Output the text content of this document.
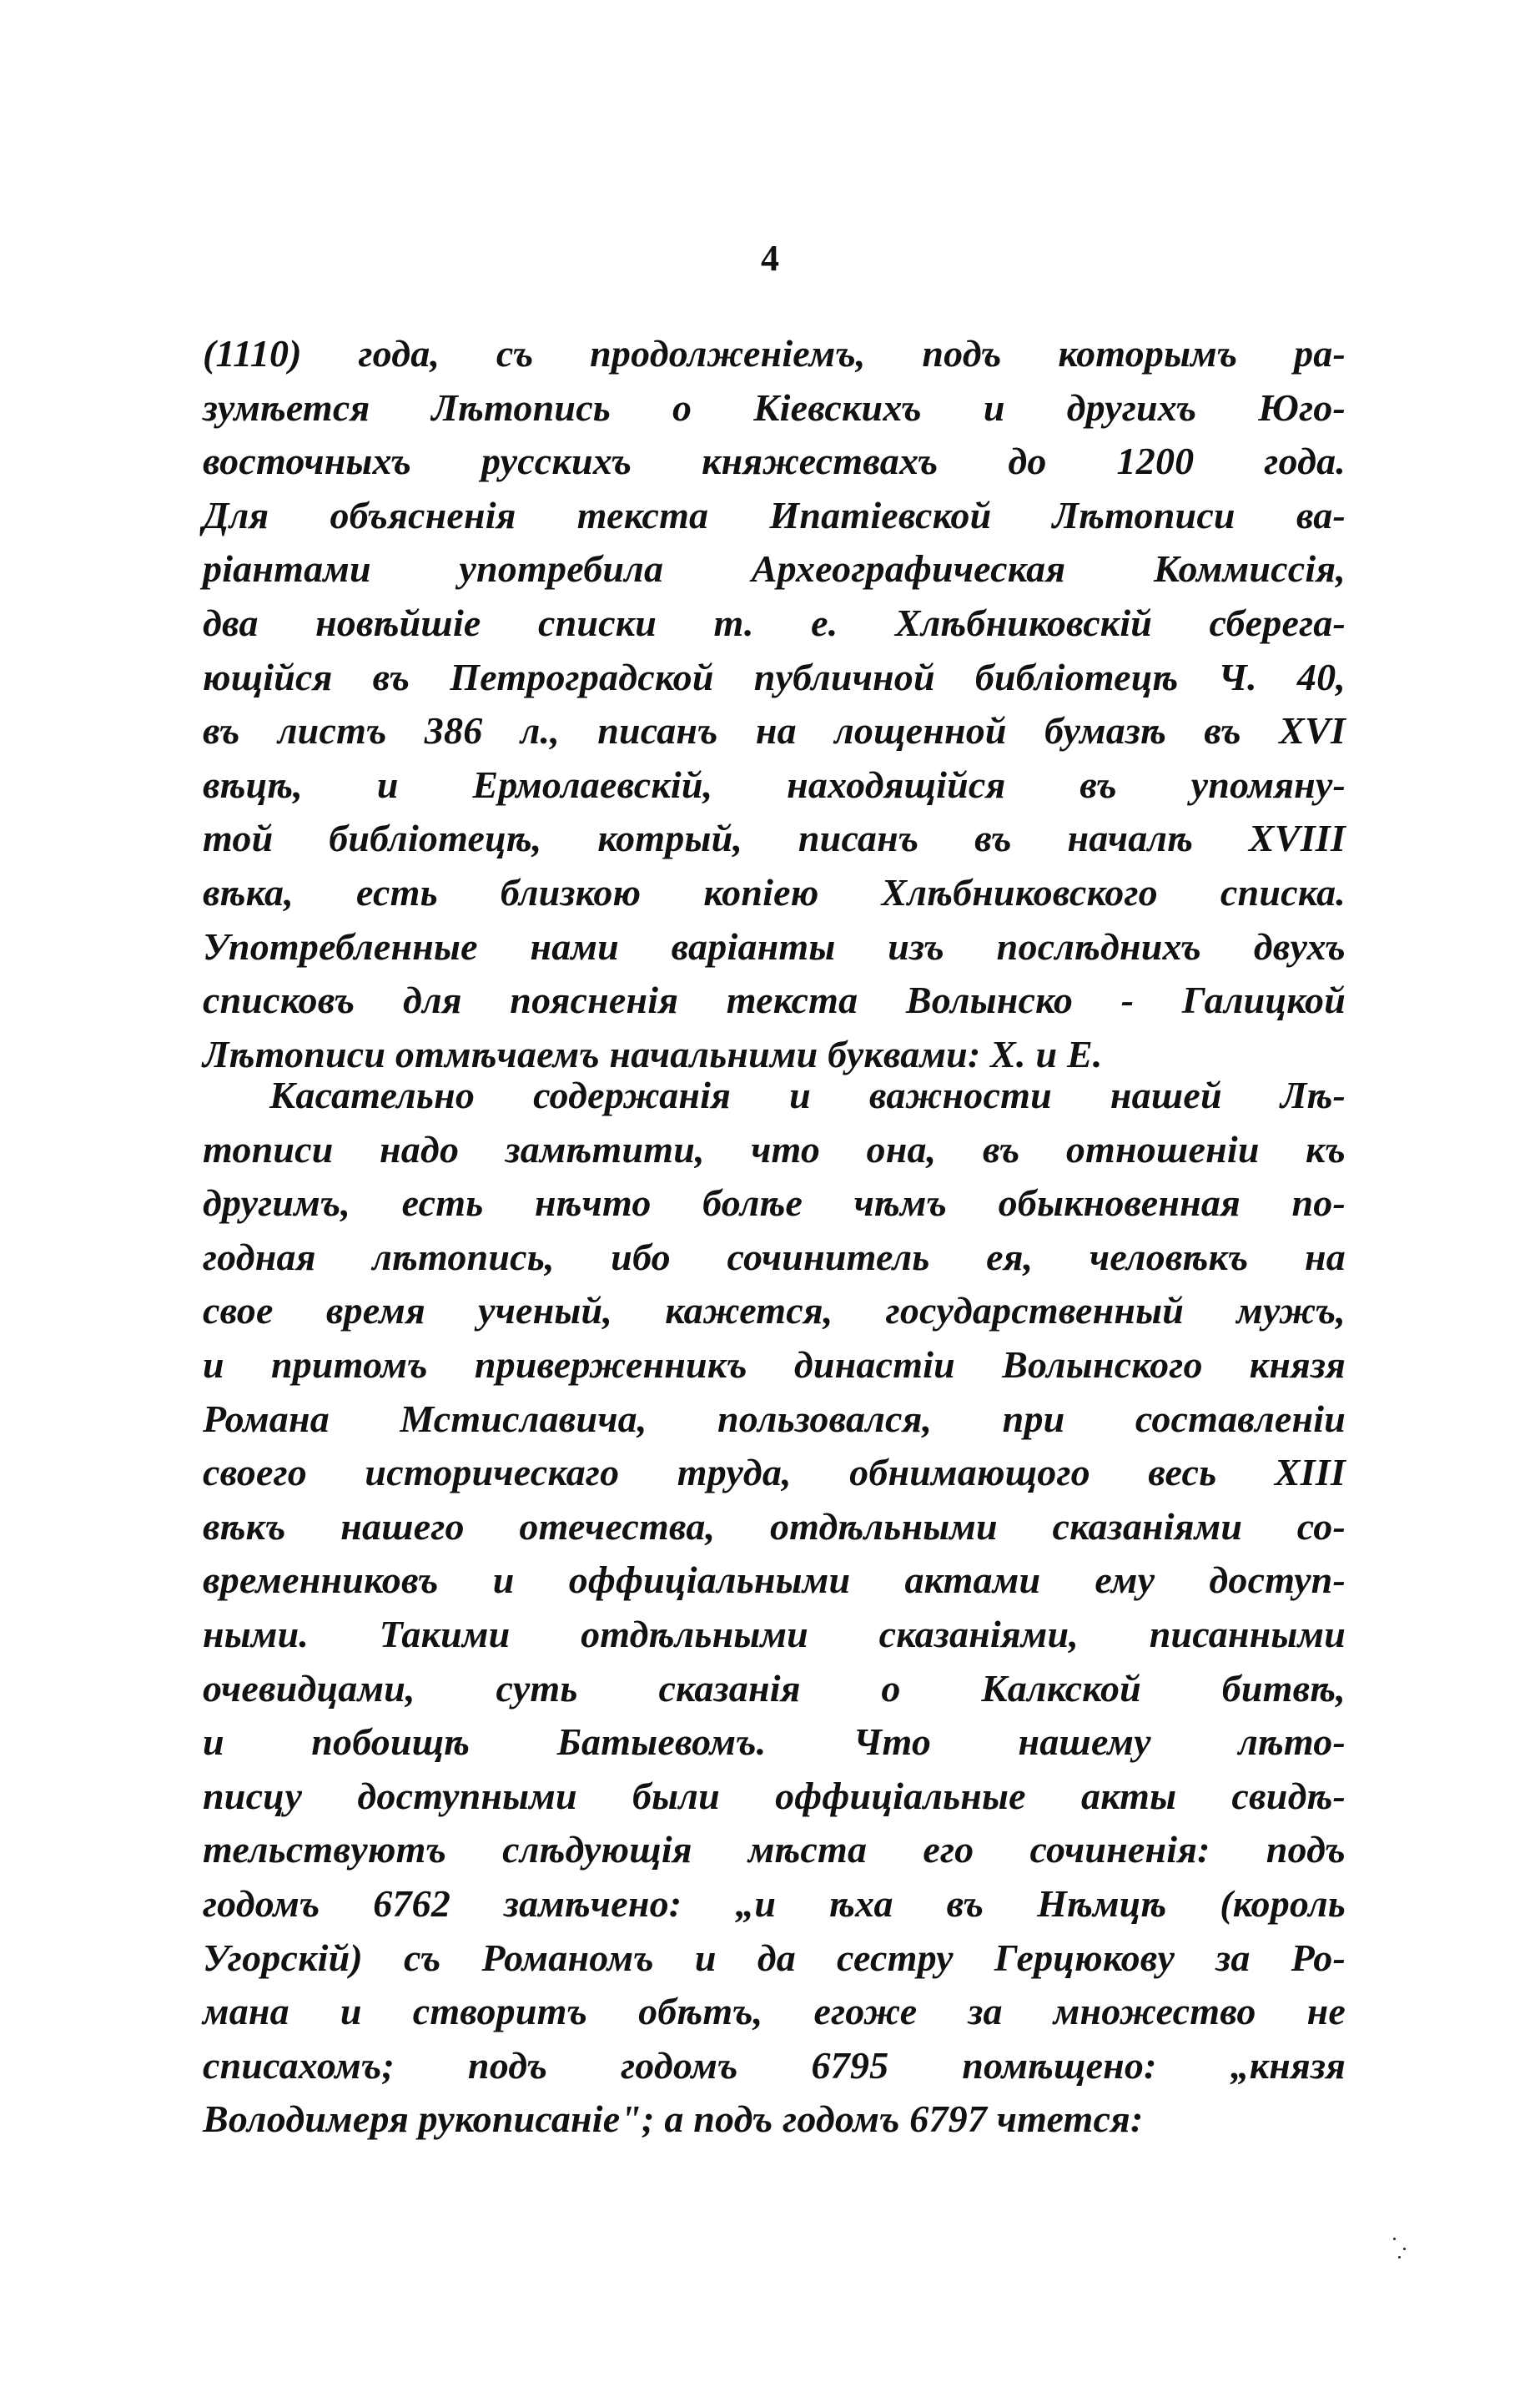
4
(1110) года, съ продолженіемъ, подъ которымъ ра-
зумѣется Лѣтопись о Кіевскихъ и другихъ Юго-
восточныхъ русскихъ княжествахъ до 1200 года.
Для объясненія текста Ипатіевской Лѣтописи ва-
ріантами употребила Археографическая Коммиссія,
два новѣйшіе списки т. е. Хлѣбниковскій сберега-
ющійся въ Петроградской публичной библіотецѣ Ч. 40,
въ листъ 386 л., писанъ на лощенной бумазѣ въ XVI
вѣцѣ, и Ермолаевскій, находящійся въ упомяну-
той библіотецѣ, котрый, писанъ въ началѣ XVIII
вѣка, есть близкою копіею Хлѣбниковского списка.
Употребленные нами варіанты изъ послѣднихъ двухъ
списковъ для поясненія текста Волынско - Галицкой
Лѣтописи отмѣчаемъ начальними буквами: Х. и Е.
Касательно содержанія и важности нашей Лѣ-
тописи надо замѣтити, что она, въ отношеніи къ
другимъ, есть нѣчто болѣе чѣмъ обыкновенная по-
годная лѣтопись, ибо сочинитель ея, человѣкъ на
свое время ученый, кажется, государственный мужъ,
и притомъ приверженникъ династіи Волынского князя
Романа Мстиславича, пользовался, при составленіи
своего историческаго труда, обнимающого весь XIII
вѣкъ нашего отечества, отдѣльными сказаніями со-
временниковъ и оффиціальными актами ему доступ-
ными. Такими отдѣльными сказаніями, писанными
очевидцами, суть сказанія о Калкской битвѣ,
и побоищѣ Батыевомъ. Что нашему лѣто-
писцу доступными были оффиціальные акты свидѣ-
тельствуютъ слѣдующія мѣста его сочиненія: подъ
годомъ 6762 замѣчено: „и ѣха въ Нѣмцѣ (король
Угорскій) съ Романомъ и да сестру Герцюкову за Ро-
мана и створитъ обѣтъ, егоже за множество не
списахомъ; подъ годомъ 6795 помѣщено: „князя
Володимеря рукописаніе"; а подъ годомъ 6797 чтется:
